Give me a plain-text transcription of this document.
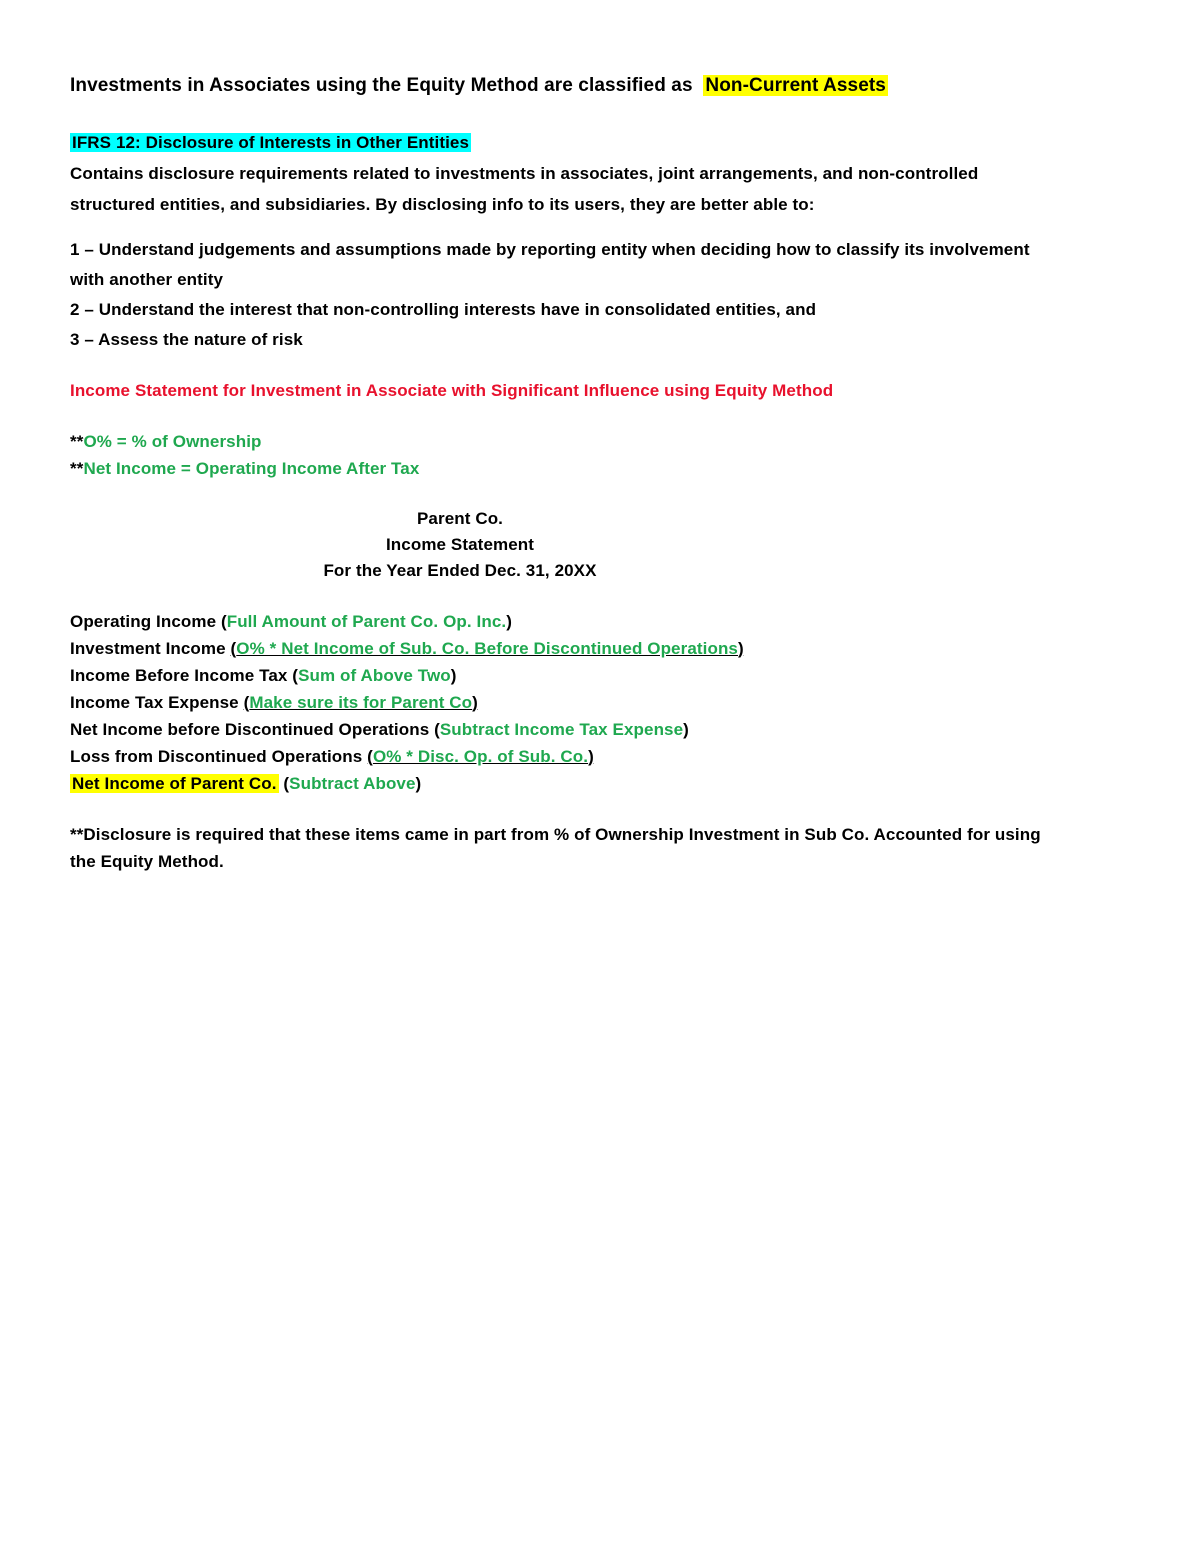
Investments in Associates using the Equity Method are classified as Non-Current Assets

IFRS 12: Disclosure of Interests in Other Entities

Contains disclosure requirements related to investments in associates, joint arrangements, and non-controlled

structured entities, and subsidiaries. By disclosing info to its users, they are better able to:

1 – Understand judgements and assumptions made by reporting entity when deciding how to classify its involvement

with another entity

2 – Understand the interest that non-controlling interests have in consolidated entities, and

3 – Assess the nature of risk

Income Statement for Investment in Associate with Significant Influence using Equity Method

**O% = % of Ownership

**Net Income = Operating Income After Tax

Parent Co.

Income Statement

For the Year Ended Dec. 31, 20XX

Operating Income (Full Amount of Parent Co. Op. Inc.)

Investment Income (O% * Net Income of Sub. Co. Before Discontinued Operations)

Income Before Income Tax (Sum of Above Two)

Income Tax Expense (Make sure its for Parent Co)

Net Income before Discontinued Operations (Subtract Income Tax Expense)

Loss from Discontinued Operations (O% * Disc. Op. of Sub. Co.)

Net Income of Parent Co. (Subtract Above)

**Disclosure is required that these items came in part from % of Ownership Investment in Sub Co. Accounted for using

the Equity Method.
